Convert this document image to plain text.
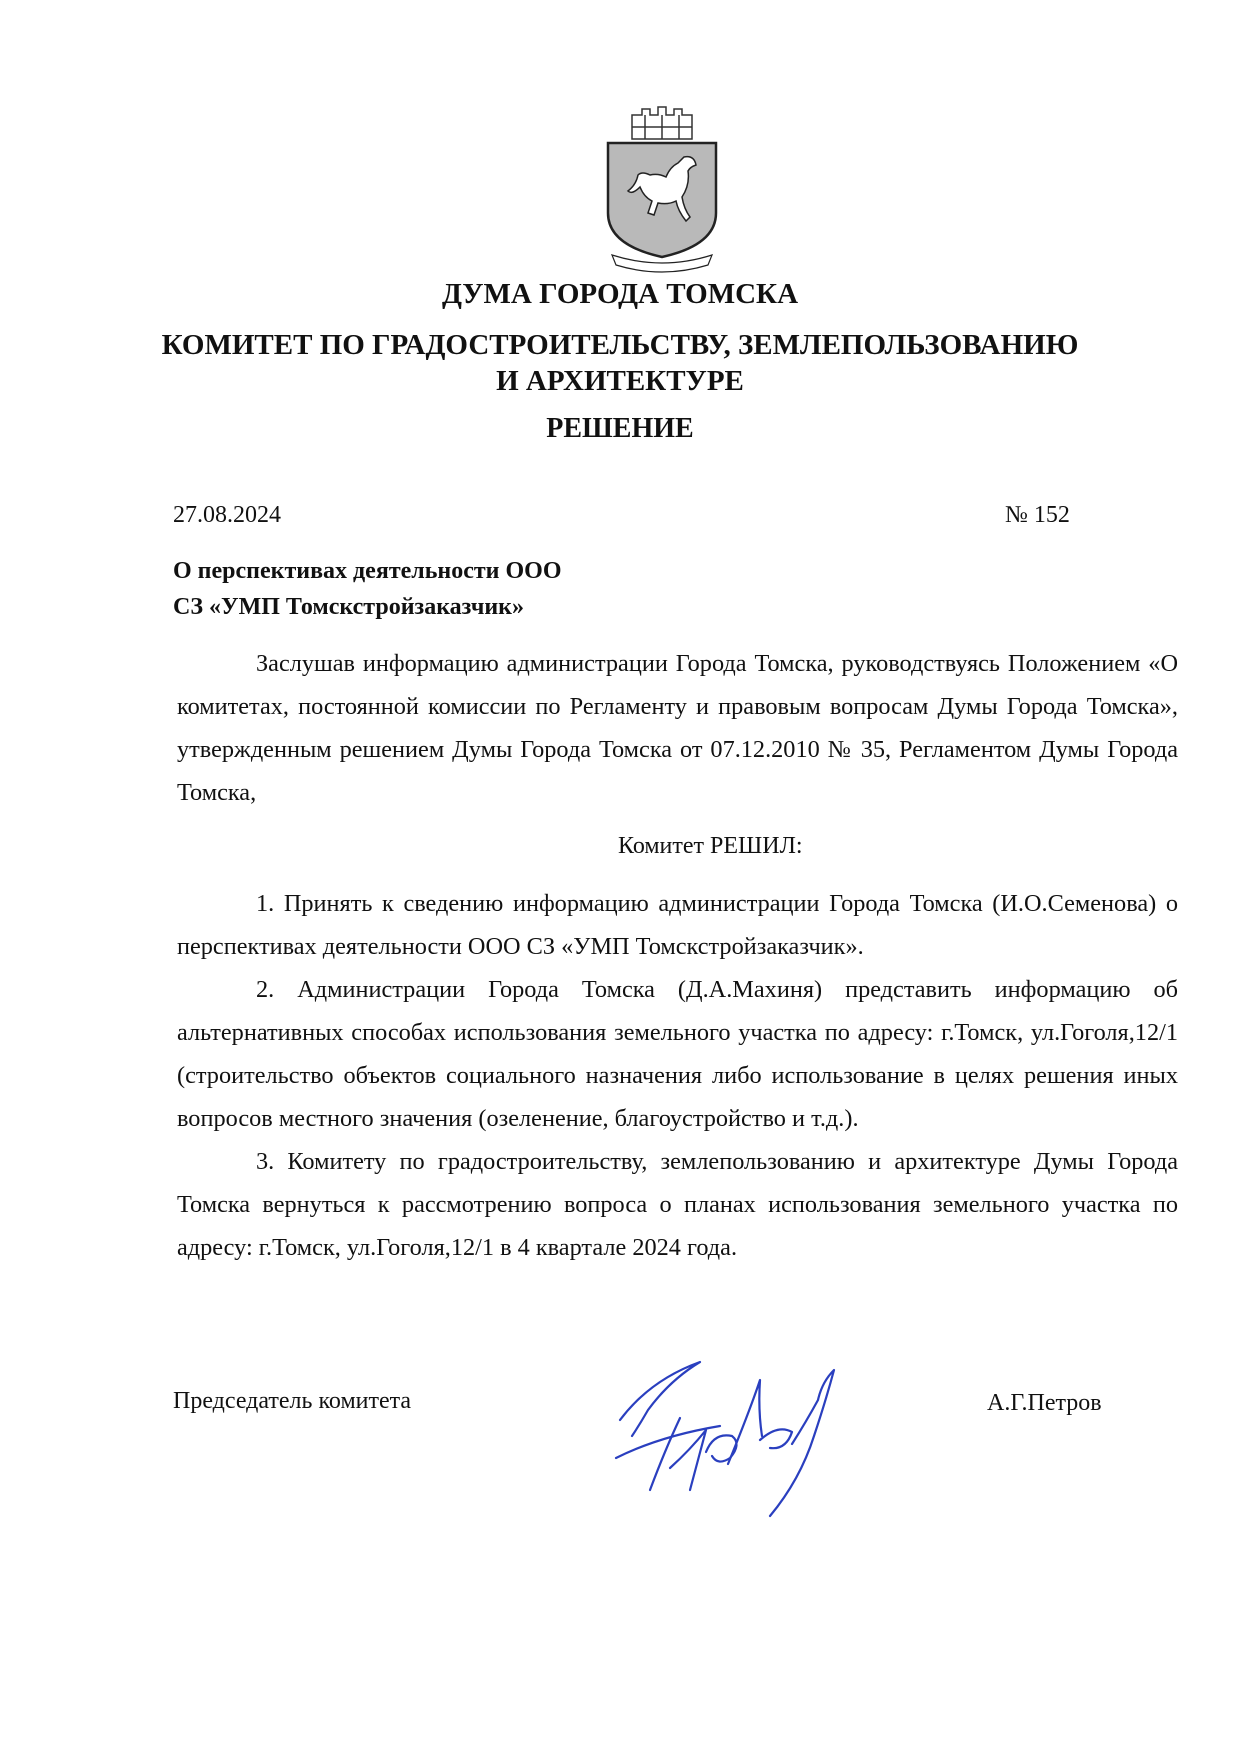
ДУМА ГОРОДА ТОМСКА
КОМИТЕТ ПО ГРАДОСТРОИТЕЛЬСТВУ, ЗЕМЛЕПОЛЬЗОВАНИЮ
И АРХИТЕКТУРЕ
РЕШЕНИЕ
27.08.2024	№ 152
О перспективах деятельности ООО
СЗ «УМП Томскстройзаказчик»
Заслушав информацию администрации Города Томска, руководствуясь Положением «О комитетах, постоянной комиссии по Регламенту и правовым вопросам Думы Города Томска», утвержденным решением Думы Города Томска от 07.12.2010 № 35, Регламентом Думы Города Томска,
Комитет РЕШИЛ:
1. Принять к сведению информацию администрации Города Томска (И.О.Семенова) о перспективах деятельности ООО СЗ «УМП Томскстройзаказчик».
2. Администрации Города Томска (Д.А.Махиня) представить информацию об альтернативных способах использования земельного участка по адресу: г.Томск, ул.Гоголя,12/1 (строительство объектов социального назначения либо использование в целях решения иных вопросов местного значения (озеленение, благоустройство и т.д.).
3. Комитету по градостроительству, землепользованию и архитектуре Думы Города Томска вернуться к рассмотрению вопроса о планах использования земельного участка по адресу: г.Томск, ул.Гоголя,12/1 в 4 квартале 2024 года.
Председатель комитета	А.Г.Петров
